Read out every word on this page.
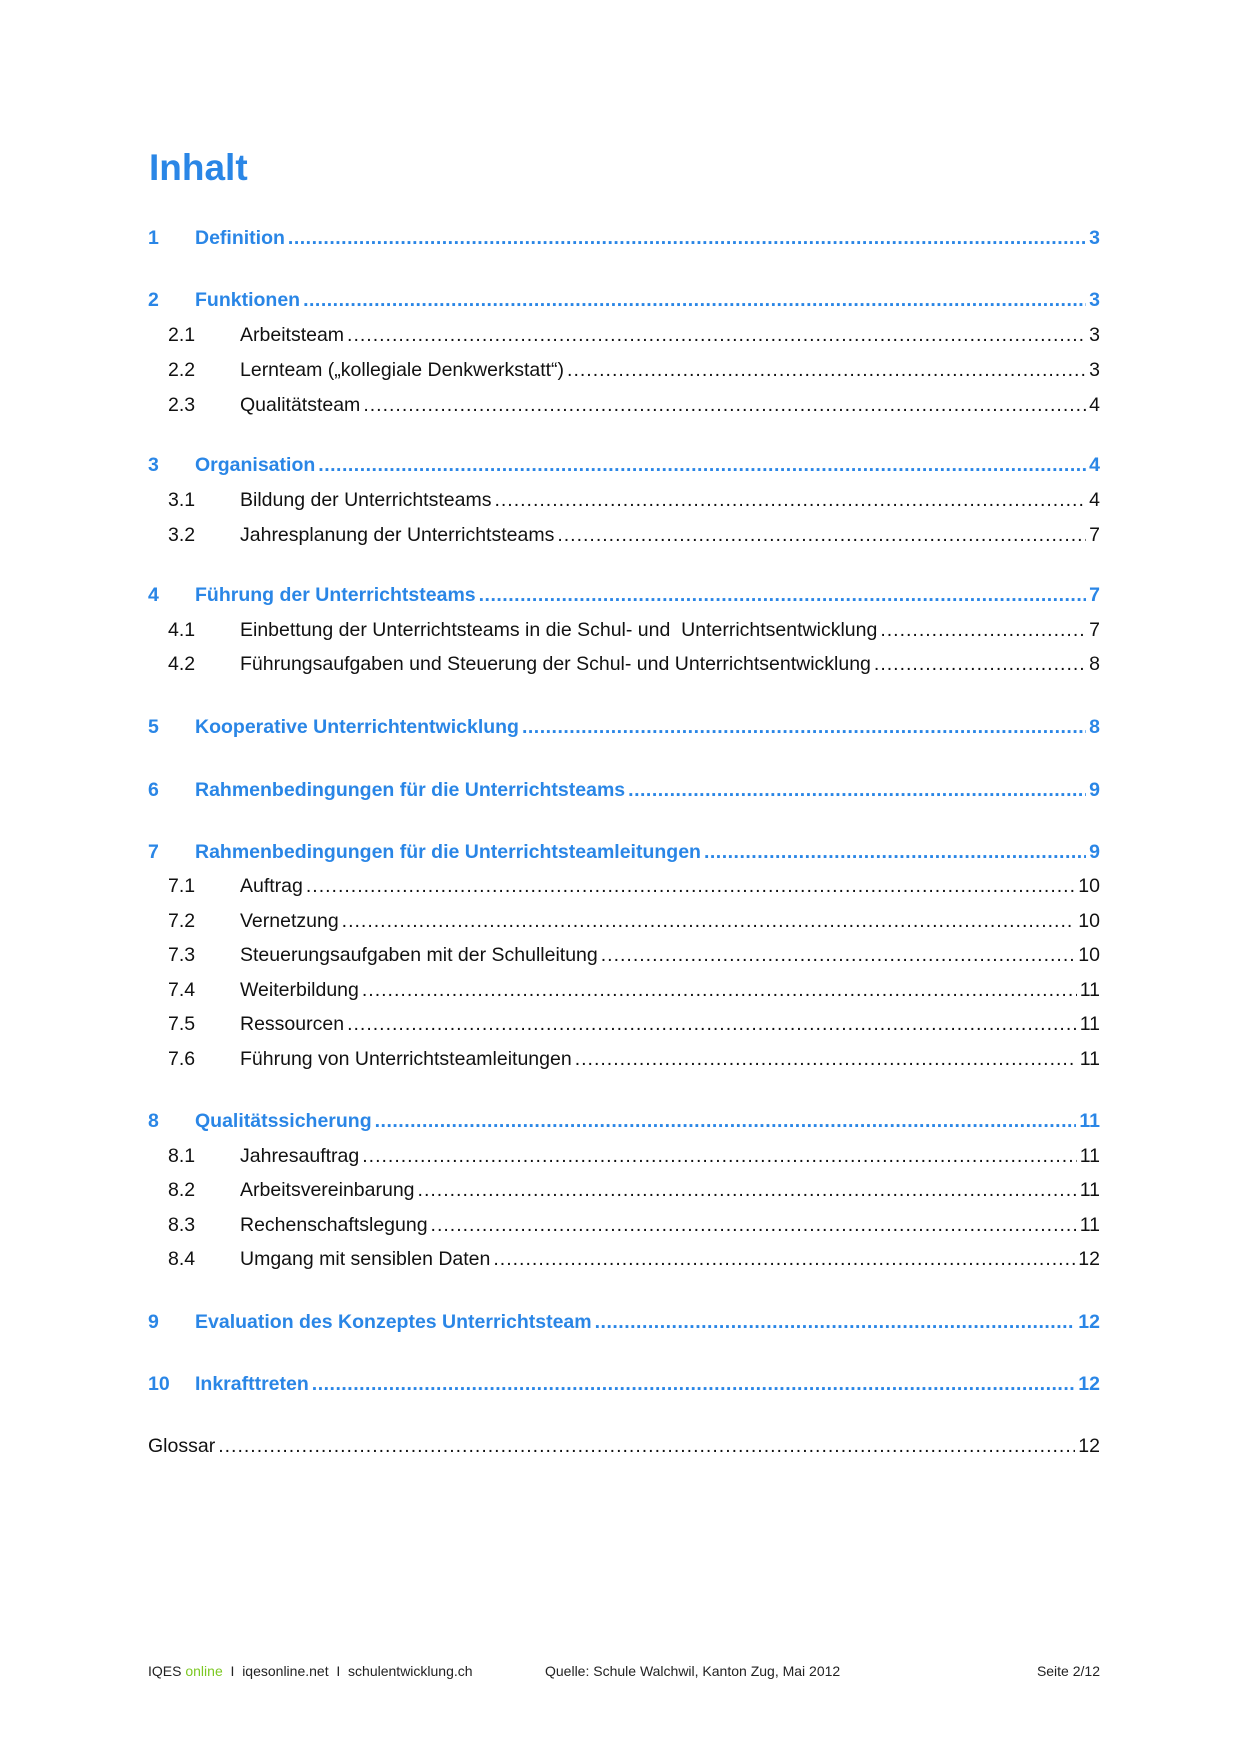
Inhalt
1	Definition .....	3
2	Funktionen .....	3
2.1	Arbeitsteam .....	3
2.2	Lernteam („kollegiale Denkwerkstatt“) .....	3
2.3	Qualitätsteam .....	4
3	Organisation .....	4
3.1	Bildung der Unterrichtsteams .....	4
3.2	Jahresplanung der Unterrichtsteams .....	7
4	Führung der Unterrichtsteams .....	7
4.1	Einbettung der Unterrichtsteams in die Schul- und  Unterrichtsentwicklung .....	7
4.2	Führungsaufgaben und Steuerung der Schul- und Unterrichtsentwicklung .....	8
5	Kooperative Unterrichtentwicklung .....	8
6	Rahmenbedingungen für die Unterrichtsteams .....	9
7	Rahmenbedingungen für die Unterrichtsteamleitungen .....	9
7.1	Auftrag .....	10
7.2	Vernetzung .....	10
7.3	Steuerungsaufgaben mit der Schulleitung .....	10
7.4	Weiterbildung .....	11
7.5	Ressourcen .....	11
7.6	Führung von Unterrichtsteamleitungen .....	11
8	Qualitätssicherung .....	11
8.1	Jahresauftrag .....	11
8.2	Arbeitsvereinbarung .....	11
8.3	Rechenschaftslegung .....	11
8.4	Umgang mit sensiblen Daten .....	12
9	Evaluation des Konzeptes Unterrichtsteam .....	12
10	Inkrafttreten .....	12
Glossar .....	12
IQES online I iqesonline.net I schulentwicklung.ch	Quelle: Schule Walchwil, Kanton Zug, Mai 2012	Seite 2/12
